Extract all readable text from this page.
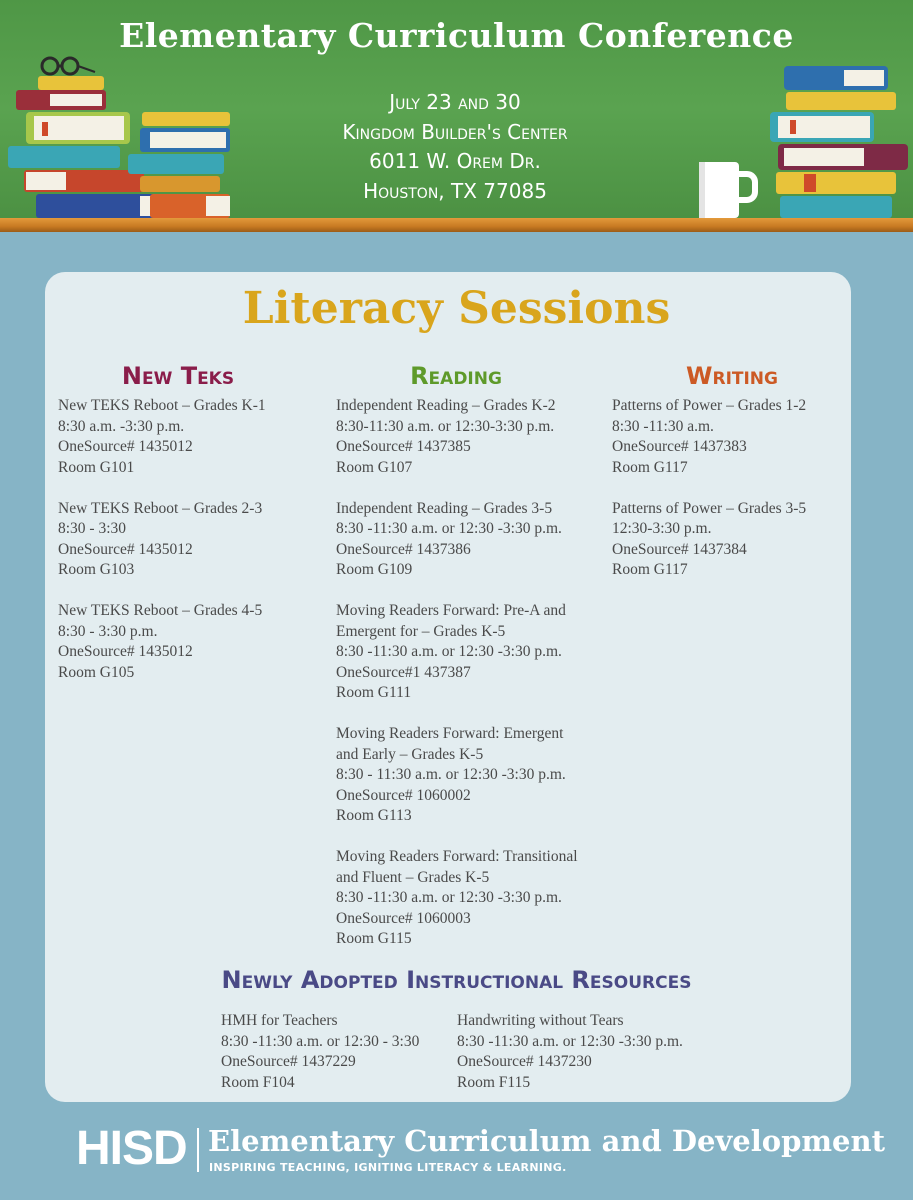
Elementary Curriculum Conference
July 23 and 30
Kingdom Builder's Center
6011 W. Orem Dr.
Houston, TX 77085
Literacy Sessions
New Teks	Reading	Writing
New TEKS Reboot – Grades K-1
8:30 a.m. -3:30 p.m.
OneSource# 1435012
Room G101
New TEKS Reboot – Grades 2-3
8:30 - 3:30
OneSource# 1435012
Room G103
New TEKS Reboot – Grades 4-5
8:30 - 3:30 p.m.
OneSource# 1435012
Room G105
Independent Reading – Grades K-2
8:30-11:30 a.m. or 12:30-3:30 p.m.
OneSource# 1437385
Room G107
Independent Reading – Grades 3-5
8:30 -11:30 a.m. or 12:30 -3:30 p.m.
OneSource# 1437386
Room G109
Moving Readers Forward: Pre-A and
Emergent for – Grades K-5
8:30 -11:30 a.m. or 12:30 -3:30 p.m.
OneSource#1 437387
Room G111
Moving Readers Forward: Emergent
and Early – Grades K-5
8:30 - 11:30 a.m. or 12:30 -3:30 p.m.
OneSource# 1060002
Room G113
Moving Readers Forward: Transitional
and Fluent – Grades K-5
8:30 -11:30 a.m. or 12:30 -3:30 p.m.
OneSource# 1060003
Room G115
Patterns of Power – Grades 1-2
8:30 -11:30 a.m.
OneSource# 1437383
Room G117
Patterns of Power – Grades 3-5
12:30-3:30 p.m.
OneSource# 1437384
Room G117
Newly Adopted Instructional Resources
HMH for Teachers
8:30 -11:30 a.m. or 12:30 - 3:30
OneSource# 1437229
Room F104
Handwriting without Tears
8:30 -11:30 a.m. or 12:30 -3:30 p.m.
OneSource# 1437230
Room F115
HISD Elementary Curriculum and Development
INSPIRING TEACHING, IGNITING LITERACY & LEARNING.
